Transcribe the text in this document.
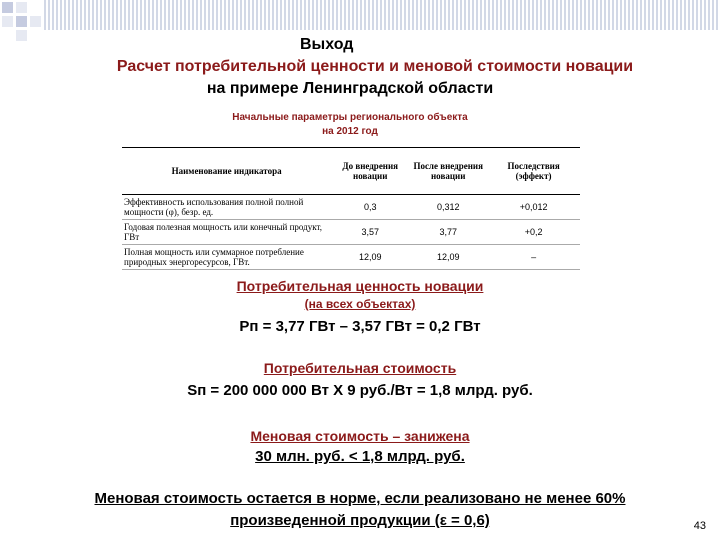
Выход
Расчет потребительной ценности и меновой стоимости новации
на примере Ленинградской области
Начальные параметры регионального объекта
на 2012 год
Наименование индикатора	До внедрения новации	После внедрения новации	Последствия (эффект)
Эффективность использования полной полной мощности (φ), безр. ед.	0,3	0,312	+0,012
Годовая полезная мощность или конечный продукт, ГВт	3,57	3,77	+0,2
Полная мощность или суммарное потребление природных энергоресурсов, ГВт.	12,09	12,09	–
Потребительная ценность новации
(на всех объектах)
Рп = 3,77 ГВт – 3,57 ГВт = 0,2 ГВт
Потребительная стоимость
Sп = 200 000 000 Вт Х 9 руб./Вт = 1,8 млрд. руб.
Меновая стоимость – занижена
30 млн. руб. < 1,8 млрд. руб.
Меновая стоимость остается в норме, если реализовано не менее 60%
произведенной продукции (ε = 0,6)	43
